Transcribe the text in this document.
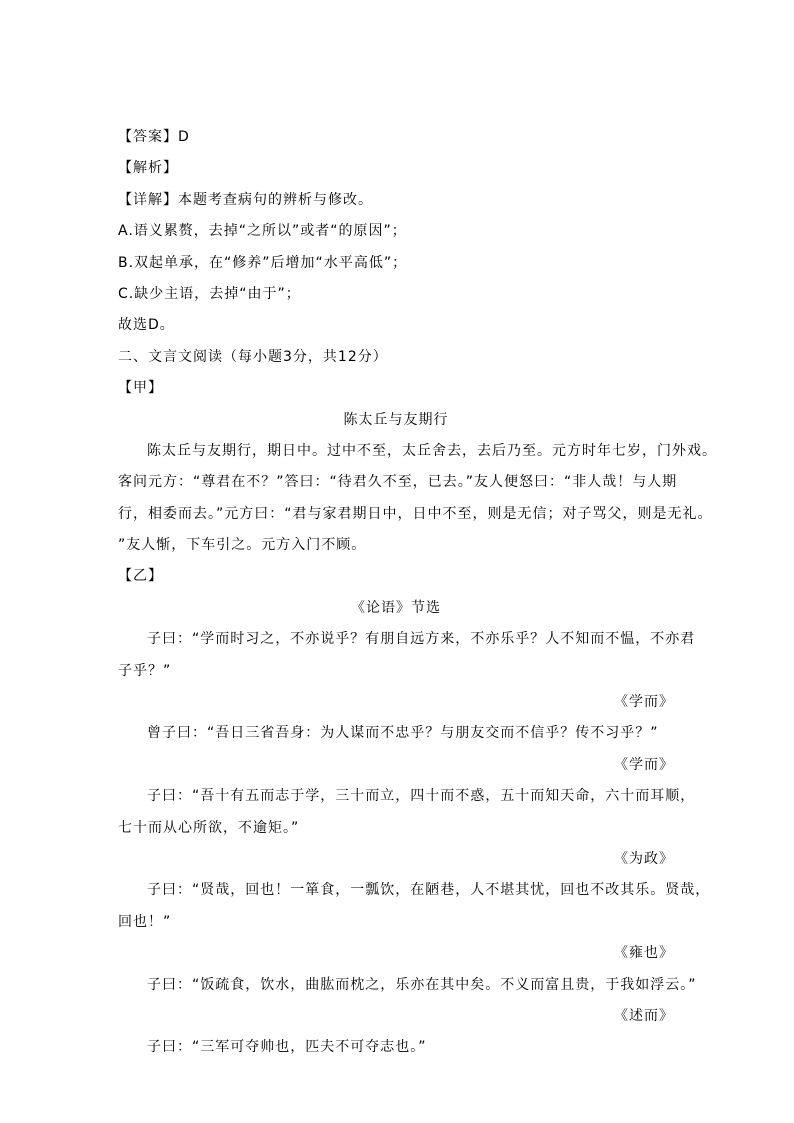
【答案】D
【解析】
【详解】本题考查病句的辨析与修改。
A.语义累赘，去掉“之所以”或者“的原因”；
B.双起单承，在“修养”后增加“水平高低”；
C.缺少主语，去掉“由于”；
故选D。
二、文言文阅读（每小题3分，共12分）
【甲】
陈太丘与友期行
陈太丘与友期行，期日中。过中不至，太丘舍去，去后乃至。元方时年七岁，门外戏。
客问元方：“尊君在不？”答曰：“待君久不至，已去。”友人便怒曰：“非人哉！与人期
行，相委而去。”元方曰：“君与家君期日中，日中不至，则是无信；对子骂父，则是无礼。
”友人惭，下车引之。元方入门不顾。
【乙】
《论语》节选
子曰：“学而时习之，不亦说乎？有朋自远方来，不亦乐乎？人不知而不愠，不亦君
子乎？”
《学而》
曾子曰：“吾日三省吾身：为人谋而不忠乎？与朋友交而不信乎？传不习乎？”
《学而》
子曰：“吾十有五而志于学，三十而立，四十而不惑，五十而知天命，六十而耳顺，
七十而从心所欲，不逾矩。”
《为政》
子曰：“贤哉，回也！一箪食，一瓢饮，在陋巷，人不堪其忧，回也不改其乐。贤哉，
回也！”
《雍也》
子曰：“饭疏食，饮水，曲肱而枕之，乐亦在其中矣。不义而富且贵，于我如浮云。”
《述而》
子曰：“三军可夺帅也，匹夫不可夺志也。”
